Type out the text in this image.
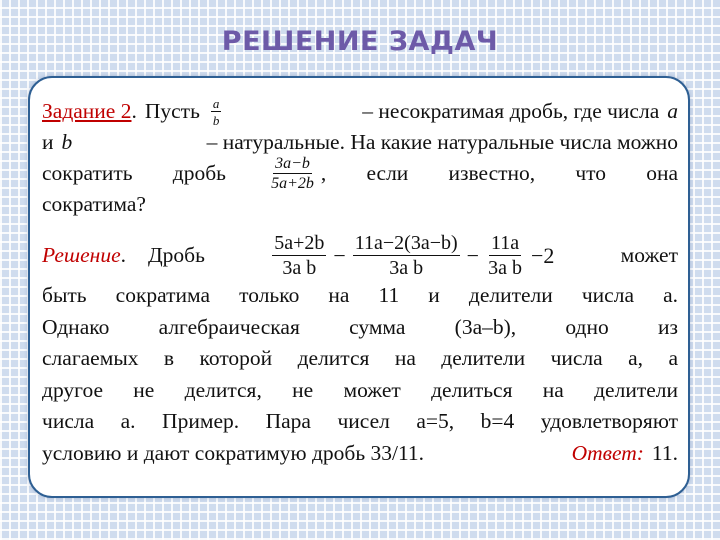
РЕШЕНИЕ ЗАДАЧ
Задание 2. Пусть $\frac{a}{b}$	– несократимая дробь, где числа a
и b	– натуральные. На какие натуральные числа можно
сократить дробь	$\frac{3a-b}{5a+2b}$ , если известно, что она
сократима?
Решение. Дробь	$\frac{5a+2b}{\text{3a b}} - \frac{11a-2(3a-b)}{\text{3a b}} - \frac{11a}{\text{3a b}} -2$	может
быть сократима только на 11 и делители числа a.
Однако алгебраическая сумма (3a–b), одно из
слагаемых в которой делится на делители числа a, а
другое не делится, не может делиться на делители
числа a. Пример. Пара чисел a=5, b=4 удовлетворяют
условию и дают сократимую дробь 33/11.	Ответ: 11.
